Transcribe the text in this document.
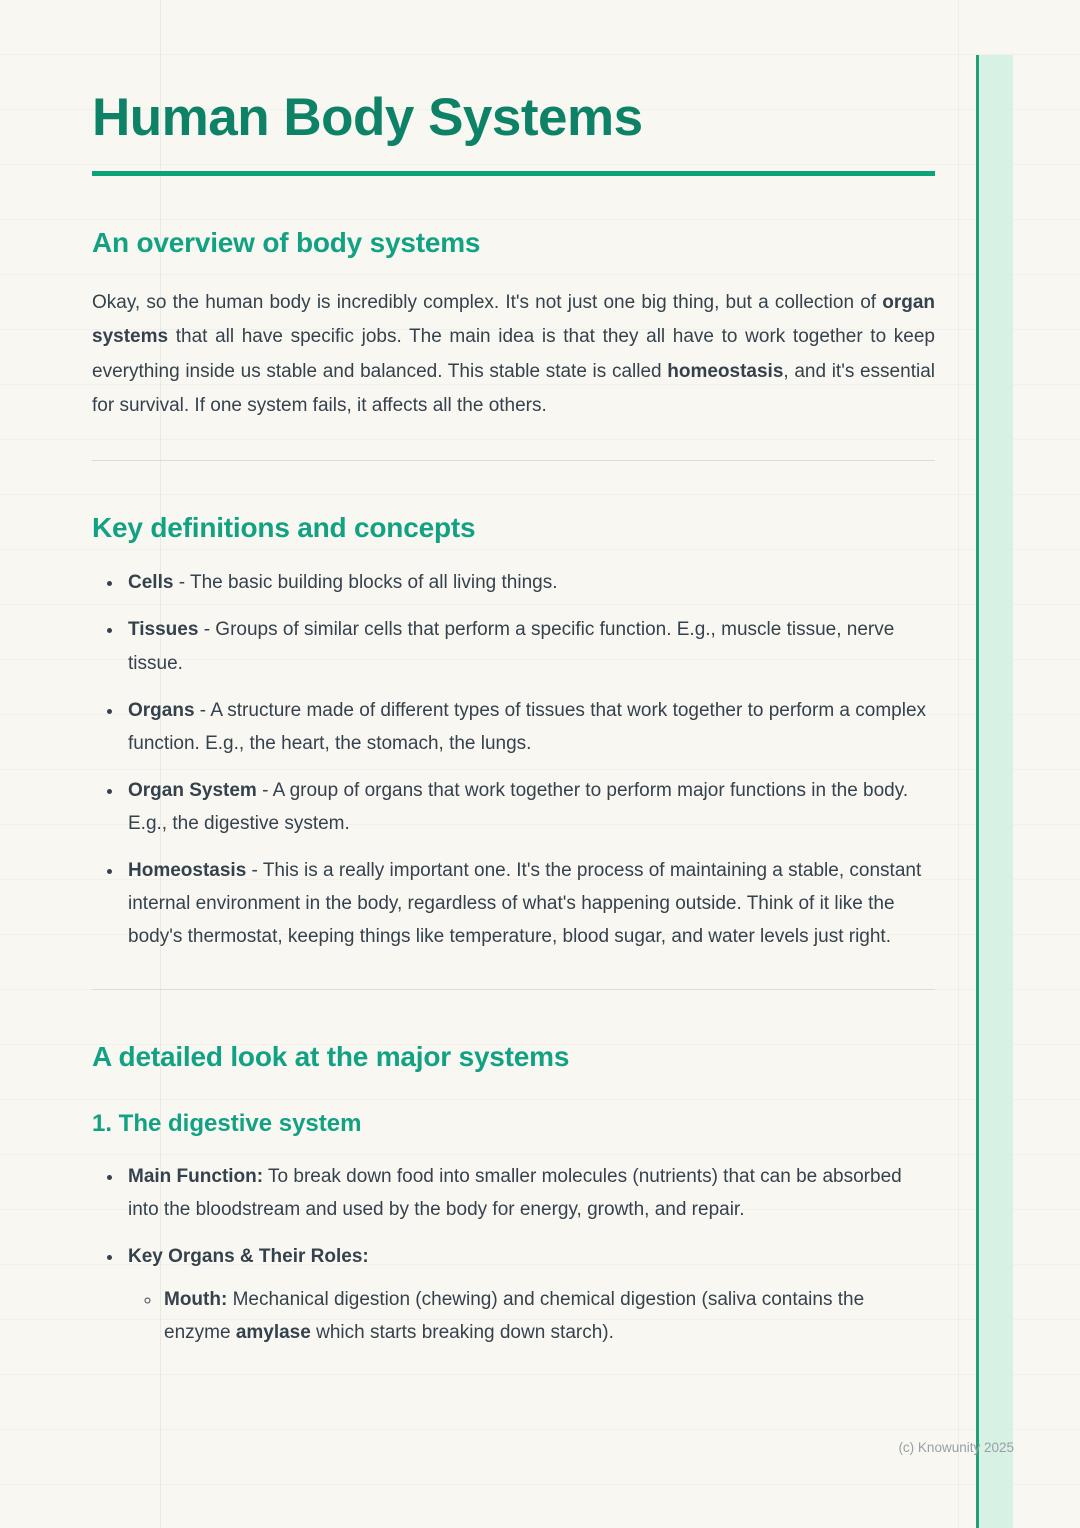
Human Body Systems
An overview of body systems

Okay, so the human body is incredibly complex. It's not just one big thing, but a collection of organ systems that all have specific jobs. The main idea is that they all have to work together to keep everything inside us stable and balanced. This stable state is called homeostasis, and it's essential for survival. If one system fails, it affects all the others.

Key definitions and concepts
• Cells - The basic building blocks of all living things.
• Tissues - Groups of similar cells that perform a specific function. E.g., muscle tissue, nerve tissue.
• Organs - A structure made of different types of tissues that work together to perform a complex function. E.g., the heart, the stomach, the lungs.
• Organ System - A group of organs that work together to perform major functions in the body. E.g., the digestive system.
• Homeostasis - This is a really important one. It's the process of maintaining a stable, constant internal environment in the body, regardless of what's happening outside. Think of it like the body's thermostat, keeping things like temperature, blood sugar, and water levels just right.
A detailed look at the major systems
1. The digestive system
• Main Function: To break down food into smaller molecules (nutrients) that can be absorbed into the bloodstream and used by the body for energy, growth, and repair.
• Key Organs & Their Roles:
◦ Mouth: Mechanical digestion (chewing) and chemical digestion (saliva contains the enzyme amylase which starts breaking down starch).
(c) Knowunity 2025
